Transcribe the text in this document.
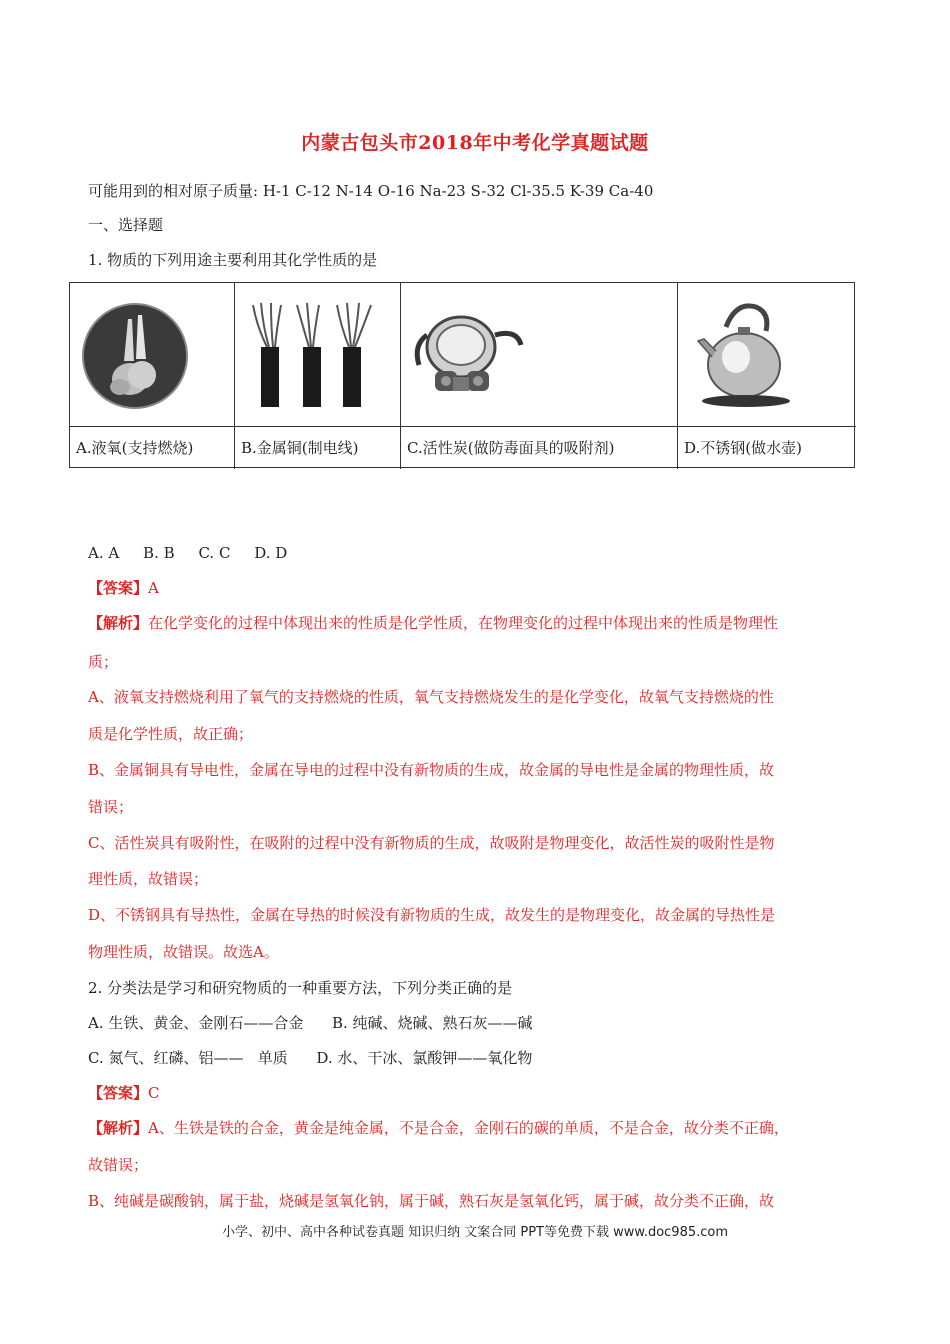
内蒙古包头市2018年中考化学真题试题
可能用到的相对原子质量: H-1 C-12 N-14 O-16 Na-23 S-32 Cl-35.5 K-39 Ca-40
一、选择题
1. 物质的下列用途主要利用其化学性质的是
A.液氧(支持燃烧)	B.金属铜(制电线)	C.活性炭(做防毒面具的吸附剂)	D.不锈钢(做水壶)
A. A     B. B     C. C     D. D
【答案】A
【解析】在化学变化的过程中体现出来的性质是化学性质，在物理变化的过程中体现出来的性质是物理性
质；
A、液氧支持燃烧利用了氧气的支持燃烧的性质，氧气支持燃烧发生的是化学变化，故氧气支持燃烧的性
质是化学性质，故正确；
B、金属铜具有导电性，金属在导电的过程中没有新物质的生成，故金属的导电性是金属的物理性质，故
错误；
C、活性炭具有吸附性，在吸附的过程中没有新物质的生成，故吸附是物理变化，故活性炭的吸附性是物
理性质，故错误；
D、不锈钢具有导热性，金属在导热的时候没有新物质的生成，故发生的是物理变化，故金属的导热性是
物理性质，故错误。故选A。
2. 分类法是学习和研究物质的一种重要方法，下列分类正确的是
A. 生铁、黄金、金刚石——合金      B. 纯碱、烧碱、熟石灰——碱
C. 氮气、红磷、铝——   单质      D. 水、干冰、氯酸钾——氧化物
【答案】C
【解析】A、生铁是铁的合金，黄金是纯金属，不是合金，金刚石的碳的单质，不是合金，故分类不正确，
故错误；
B、纯碱是碳酸钠，属于盐，烧碱是氢氧化钠，属于碱，熟石灰是氢氧化钙，属于碱，故分类不正确，故
小学、初中、高中各种试卷真题 知识归纳 文案合同 PPT等免费下载 www.doc985.com
